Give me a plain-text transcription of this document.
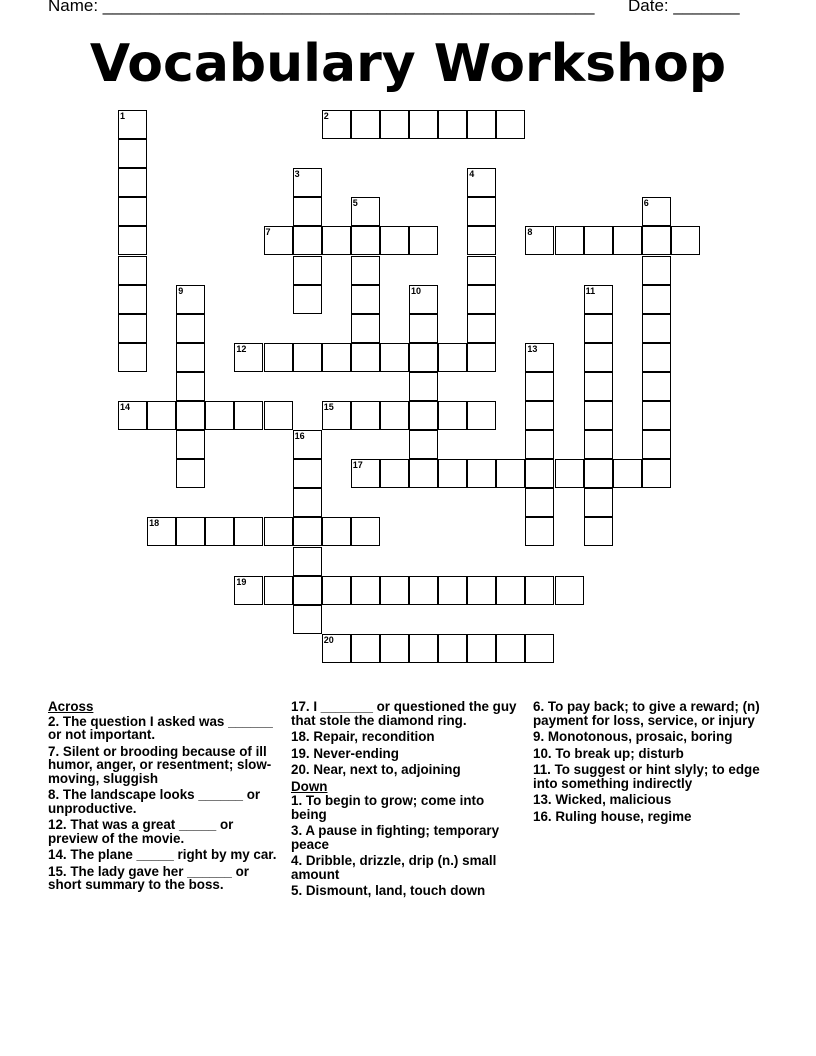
Name: ____________________________________________________ Date: _______
Vocabulary Workshop
1	2
3	4
5	6
7	8
9	10	11
12	13
14	15
16
17
18
19
20
Across
2. The question I asked was ______ or not important.
7. Silent or brooding because of ill humor, anger, or resentment; slow-moving, sluggish
8. The landscape looks ______ or unproductive.
12. That was a great _____ or preview of the movie.
14. The plane _____ right by my car.
15. The lady gave her ______ or short summary to the boss.
17. I _______ or questioned the guy that stole the diamond ring.
18. Repair, recondition
19. Never-ending
20. Near, next to, adjoining
Down
1. To begin to grow; come into being
3. A pause in fighting; temporary peace
4. Dribble, drizzle, drip (n.) small amount
5. Dismount, land, touch down
6. To pay back; to give a reward; (n) payment for loss, service, or injury
9. Monotonous, prosaic, boring
10. To break up; disturb
11. To suggest or hint slyly; to edge into something indirectly
13. Wicked, malicious
16. Ruling house, regime
